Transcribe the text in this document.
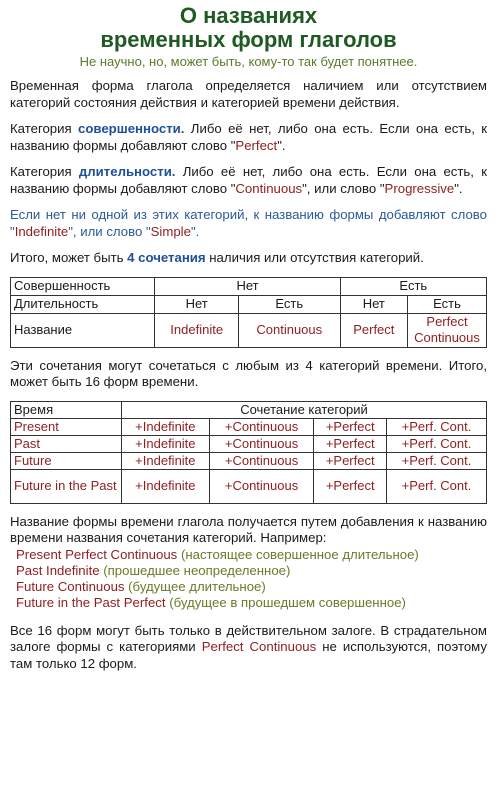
О названиях
временных форм глаголов
Не научно, но, может быть, кому-то так будет понятнее.

Временная форма глагола определяется наличием или отсутствием категорий состояния действия и категорией времени действия.

Категория совершенности. Либо её нет, либо она есть. Если она есть, к названию формы добавляют слово "Perfect".

Категория длительности. Либо её нет, либо она есть. Если она есть, к названию формы добавляют слово "Continuous", или слово "Progressive".

Если нет ни одной из этих категорий, к названию формы добавляют слово "Indefinite", или слово "Simple".

Итого, может быть 4 сочетания наличия или отсутствия категорий.

Совершенность	Нет		Есть	
Длительность	Нет	Есть	Нет	Есть
Название	Indefinite	Continuous	Perfect	Perfect Continuous

Эти сочетания могут сочетаться с любым из 4 категорий времени. Итого, может быть 16 форм времени.

Время	Сочетание категорий			
Present	+Indefinite	+Continuous	+Perfect	+Perf. Cont.
Past	+Indefinite	+Continuous	+Perfect	+Perf. Cont.
Future	+Indefinite	+Continuous	+Perfect	+Perf. Cont.
Future in the Past	+Indefinite	+Continuous	+Perfect	+Perf. Cont.

Название формы времени глагола получается путем добавления к названию времени названия сочетания категорий. Например:

Present Perfect Continuous (настоящее совершенное длительное)
Past Indefinite (прошедшее неопределенное)
Future Continuous (будущее длительное)
Future in the Past Perfect (будущее в прошедшем совершенное)

Все 16 форм могут быть только в действительном залоге. В страдательном залоге формы с категориями Perfect Continuous не используются, поэтому там только 12 форм.
